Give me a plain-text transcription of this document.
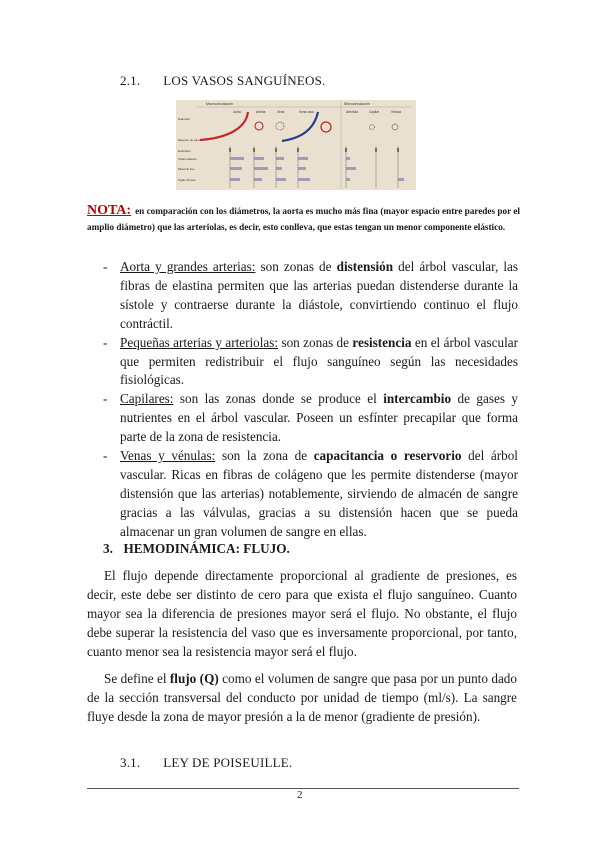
2.1. LOS VASOS SANGUÍNEOS.
Macrocirculación	Microcirculación
Aorta	Arteria	Vena	Vena cava	Arteriola	Capilar	Vénula
Diámetro
Espesor de pared
Endotelio
Tejido elástico
Músculo liso
Tejido fibroso
NOTA: en comparación con los diámetros, la aorta es mucho más fina (mayor espacio entre paredes por el amplio diámetro) que las arteriolas, es decir, esto conlleva, que estas tengan un menor componente elástico.
- Aorta y grandes arterias: son zonas de distensión del árbol vascular, las fibras de elastina permiten que las arterias puedan distenderse durante la sístole y contraerse durante la diástole, convirtiendo continuo el flujo contráctil.
- Pequeñas arterias y arteriolas: son zonas de resistencia en el árbol vascular que permiten redistribuir el flujo sanguíneo según las necesidades fisiológicas.
- Capilares: son las zonas donde se produce el intercambio de gases y nutrientes en el árbol vascular. Poseen un esfínter precapilar que forma parte de la zona de resistencia.
- Venas y vénulas: son la zona de capacitancia o reservorio del árbol vascular. Ricas en fibras de colágeno que les permite distenderse (mayor distensión que las arterias) notablemente, sirviendo de almacén de sangre gracias a las válvulas, gracias a su distensión hacen que se pueda almacenar un gran volumen de sangre en ellas.
3. HEMODINÁMICA: FLUJO.

El flujo depende directamente proporcional al gradiente de presiones, es decir, este debe ser distinto de cero para que exista el flujo sanguíneo. Cuanto mayor sea la diferencia de presiones mayor será el flujo. No obstante, el flujo debe superar la resistencia del vaso que es inversamente proporcional, por tanto, cuanto menor sea la resistencia mayor será el flujo.

Se define el flujo (Q) como el volumen de sangre que pasa por un punto dado de la sección transversal del conducto por unidad de tiempo (ml/s). La sangre fluye desde la zona de mayor presión a la de menor (gradiente de presión).

3.1. LEY DE POISEUILLE.
2
